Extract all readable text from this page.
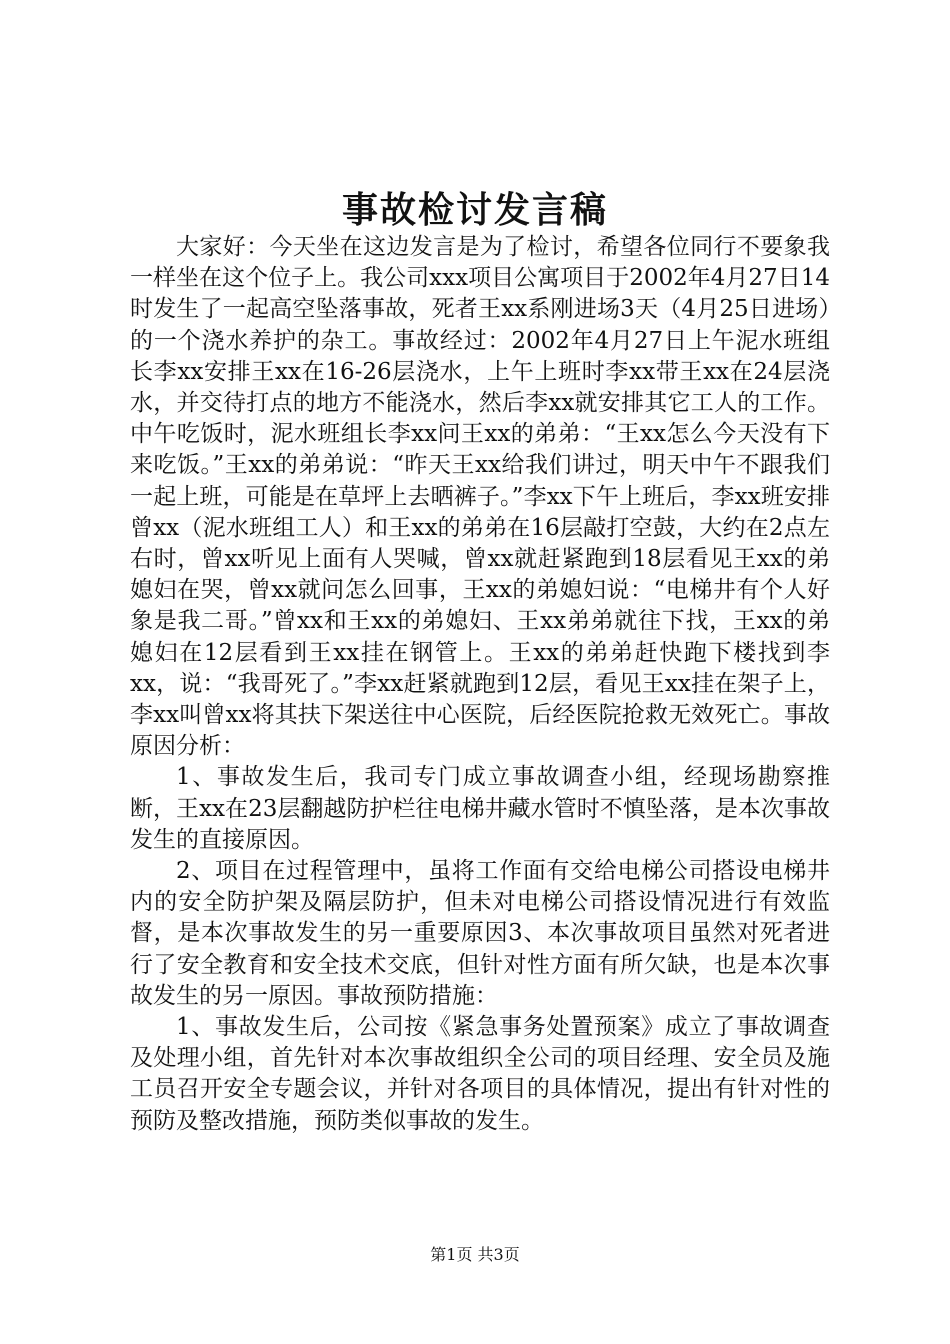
事故检讨发言稿

大家好：今天坐在这边发言是为了检讨，希望各位同行不要象我一样坐在这个位子上。我公司xxx项目公寓项目于2002年4月27日14时发生了一起高空坠落事故，死者王xx系刚进场3天（4月25日进场）的一个浇水养护的杂工。事故经过：2002年4月27日上午泥水班组长李xx安排王xx在16-26层浇水，上午上班时李xx带王xx在24层浇水，并交待打点的地方不能浇水，然后李xx就安排其它工人的工作。中午吃饭时，泥水班组长李xx问王xx的弟弟：“王xx怎么今天没有下来吃饭。”王xx的弟弟说：“昨天王xx给我们讲过，明天中午不跟我们一起上班，可能是在草坪上去晒裤子。”李xx下午上班后，李xx班安排曾xx（泥水班组工人）和王xx的弟弟在16层敲打空鼓，大约在2点左右时，曾xx听见上面有人哭喊，曾xx就赶紧跑到18层看见王xx的弟媳妇在哭，曾xx就问怎么回事，王xx的弟媳妇说：“电梯井有个人好象是我二哥。”曾xx和王xx的弟媳妇、王xx弟弟就往下找，王xx的弟媳妇在12层看到王xx挂在钢管上。王xx的弟弟赶快跑下楼找到李xx，说：“我哥死了。”李xx赶紧就跑到12层，看见王xx挂在架子上，李xx叫曾xx将其扶下架送往中心医院，后经医院抢救无效死亡。事故原因分析：

1、事故发生后，我司专门成立事故调查小组，经现场勘察推断，王xx在23层翻越防护栏往电梯井藏水管时不慎坠落，是本次事故发生的直接原因。

2、项目在过程管理中，虽将工作面有交给电梯公司搭设电梯井内的安全防护架及隔层防护，但未对电梯公司搭设情况进行有效监督，是本次事故发生的另一重要原因3、本次事故项目虽然对死者进行了安全教育和安全技术交底，但针对性方面有所欠缺，也是本次事故发生的另一原因。事故预防措施：

1、事故发生后，公司按《紧急事务处置预案》成立了事故调查及处理小组，首先针对本次事故组织全公司的项目经理、安全员及施工员召开安全专题会议，并针对各项目的具体情况，提出有针对性的预防及整改措施，预防类似事故的发生。

第1页 共3页
